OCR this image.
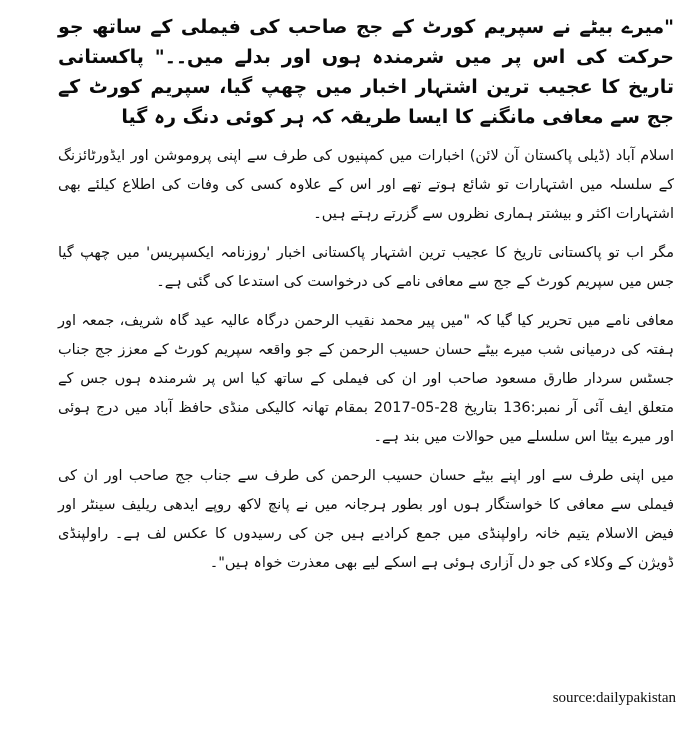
"میرے بیٹے نے سپریم کورٹ کے جج صاحب کی فیملی کے ساتھ جو حرکت کی اس پر میں شرمندہ ہوں اور بدلے میں۔۔" پاکستانی تاریخ کا عجیب ترین اشتہار اخبار میں چھپ گیا، سپریم کورٹ کے جج سے معافی مانگنے کا ایسا طریقہ کہ ہر کوئی دنگ رہ گیا

اسلام آباد (ڈیلی پاکستان آن لائن) اخبارات میں کمپنیوں کی طرف سے اپنی پروموشن اور ایڈورٹائزنگ کے سلسلہ میں اشتہارات تو شائع ہوتے تھے اور اس کے علاوہ کسی کی وفات کی اطلاع کیلئے بھی اشتہارات اکثر و بیشتر ہماری نظروں سے گزرتے رہتے ہیں۔

مگر اب تو پاکستانی تاریخ کا عجیب ترین اشتہار پاکستانی اخبار 'روزنامہ ایکسپریس' میں چھپ گیا جس میں سپریم کورٹ کے جج سے معافی نامے کی درخواست کی استدعا کی گئی ہے۔

معافی نامے میں تحریر کیا گیا کہ "میں پیر محمد نقیب الرحمن درگاہ عالیہ عید گاہ شریف، جمعہ اور ہفتہ کی درمیانی شب میرے بیٹے حسان حسیب الرحمن کے جو واقعہ سپریم کورٹ کے معزز جج جناب جسٹس سردار طارق مسعود صاحب اور ان کی فیملی کے ساتھ کیا اس پر شرمندہ ہوں جس کے متعلق ایف آئی آر نمبر:136 بتاریخ 28-05-2017 بمقام تھانہ کالیکی منڈی حافظ آباد میں درج ہوئی اور میرے بیٹا اس سلسلے میں حوالات میں بند ہے۔

میں اپنی طرف سے اور اپنے بیٹے حسان حسیب الرحمن کی طرف سے جناب جج صاحب اور ان کی فیملی سے معافی کا خواستگار ہوں اور بطور ہرجانہ میں نے پانچ لاکھ روپے ایدھی ریلیف سینٹر اور فیض الاسلام یتیم خانہ راولپنڈی میں جمع کرادیے ہیں جن کی رسیدوں کا عکس لف ہے۔ راولپنڈی ڈویژن کے وکلاء کی جو دل آزاری ہوئی ہے اسکے لیے بھی معذرت خواہ ہیں"۔

source:dailypakistan
